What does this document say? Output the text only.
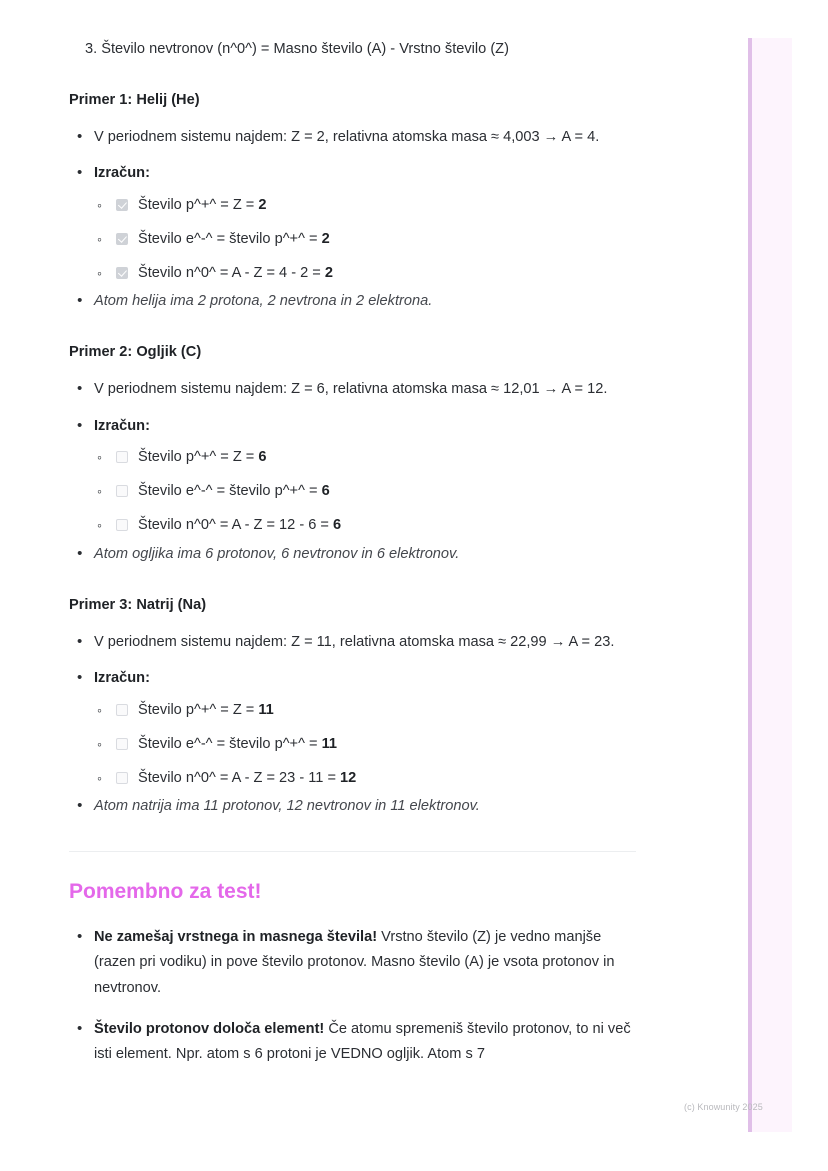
3. Število nevtronov (n^0^) = Masno število (A) - Vrstno število (Z)

Primer 1: Helij (He)
• V periodnem sistemu najdem: Z = 2, relativna atomska masa ≈ 4,003 → A = 4.
• Izračun:
◦ Število p^+^ = Z = 2
◦ Število e^-^ = število p^+^ = 2
◦ Število n^0^ = A - Z = 4 - 2 = 2
• Atom helija ima 2 protona, 2 nevtrona in 2 elektrona.
Primer 2: Ogljik (C)
• V periodnem sistemu najdem: Z = 6, relativna atomska masa ≈ 12,01 → A = 12.
• Izračun:
◦ Število p^+^ = Z = 6
◦ Število e^-^ = število p^+^ = 6
◦ Število n^0^ = A - Z = 12 - 6 = 6
• Atom ogljika ima 6 protonov, 6 nevtronov in 6 elektronov.
Primer 3: Natrij (Na)
• V periodnem sistemu najdem: Z = 11, relativna atomska masa ≈ 22,99 → A = 23.
• Izračun:
◦ Število p^+^ = Z = 11
◦ Število e^-^ = število p^+^ = 11
◦ Število n^0^ = A - Z = 23 - 11 = 12
• Atom natrija ima 11 protonov, 12 nevtronov in 11 elektronov.
Pomembno za test!
• Ne zamešaj vrstnega in masnega števila! Vrstno število (Z) je vedno manjše (razen pri vodiku) in pove število protonov. Masno število (A) je vsota protonov in nevtronov.
• Število protonov določa element! Če atomu spremeniš število protonov, to ni več isti element. Npr. atom s 6 protoni je VEDNO ogljik. Atom s 7
(c) Knowunity 2025
